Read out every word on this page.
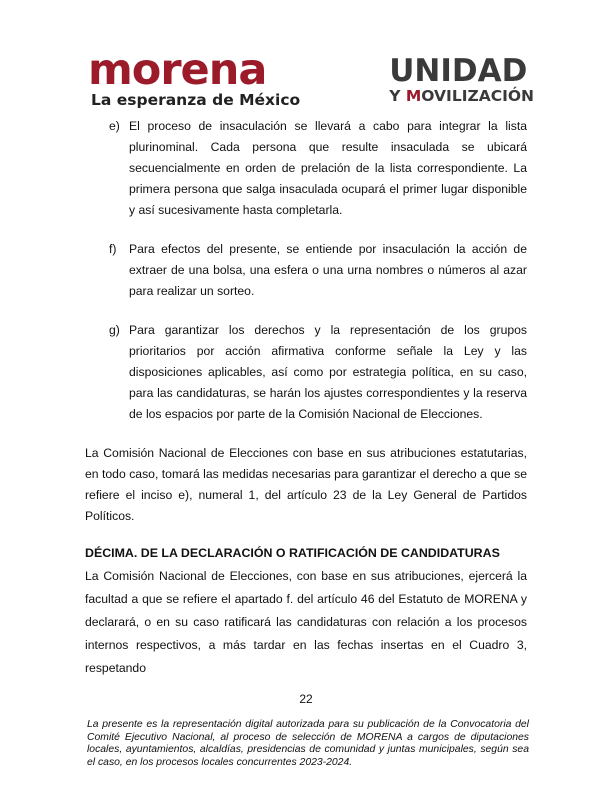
morena
La esperanza de México
UNIDAD
Y MOVILIZACIÓN
e) El proceso de insaculación se llevará a cabo para integrar la lista plurinominal. Cada persona que resulte insaculada se ubicará secuencialmente en orden de prelación de la lista correspondiente. La primera persona que salga insaculada ocupará el primer lugar disponible y así sucesivamente hasta completarla.
f) Para efectos del presente, se entiende por insaculación la acción de extraer de una bolsa, una esfera o una urna nombres o números al azar para realizar un sorteo.
g) Para garantizar los derechos y la representación de los grupos prioritarios por acción afirmativa conforme señale la Ley y las disposiciones aplicables, así como por estrategia política, en su caso, para las candidaturas, se harán los ajustes correspondientes y la reserva de los espacios por parte de la Comisión Nacional de Elecciones.
La Comisión Nacional de Elecciones con base en sus atribuciones estatutarias, en todo caso, tomará las medidas necesarias para garantizar el derecho a que se refiere el inciso e), numeral 1, del artículo 23 de la Ley General de Partidos Políticos.
DÉCIMA. DE LA DECLARACIÓN O RATIFICACIÓN DE CANDIDATURAS
La Comisión Nacional de Elecciones, con base en sus atribuciones, ejercerá la facultad a que se refiere el apartado f. del artículo 46 del Estatuto de MORENA y declarará, o en su caso ratificará las candidaturas con relación a los procesos internos respectivos, a más tardar en las fechas insertas en el Cuadro 3, respetando
22
La presente es la representación digital autorizada para su publicación de la Convocatoria del Comité Ejecutivo Nacional, al proceso de selección de MORENA a cargos de diputaciones locales, ayuntamientos, alcaldías, presidencias de comunidad y juntas municipales, según sea el caso, en los procesos locales concurrentes 2023-2024.
